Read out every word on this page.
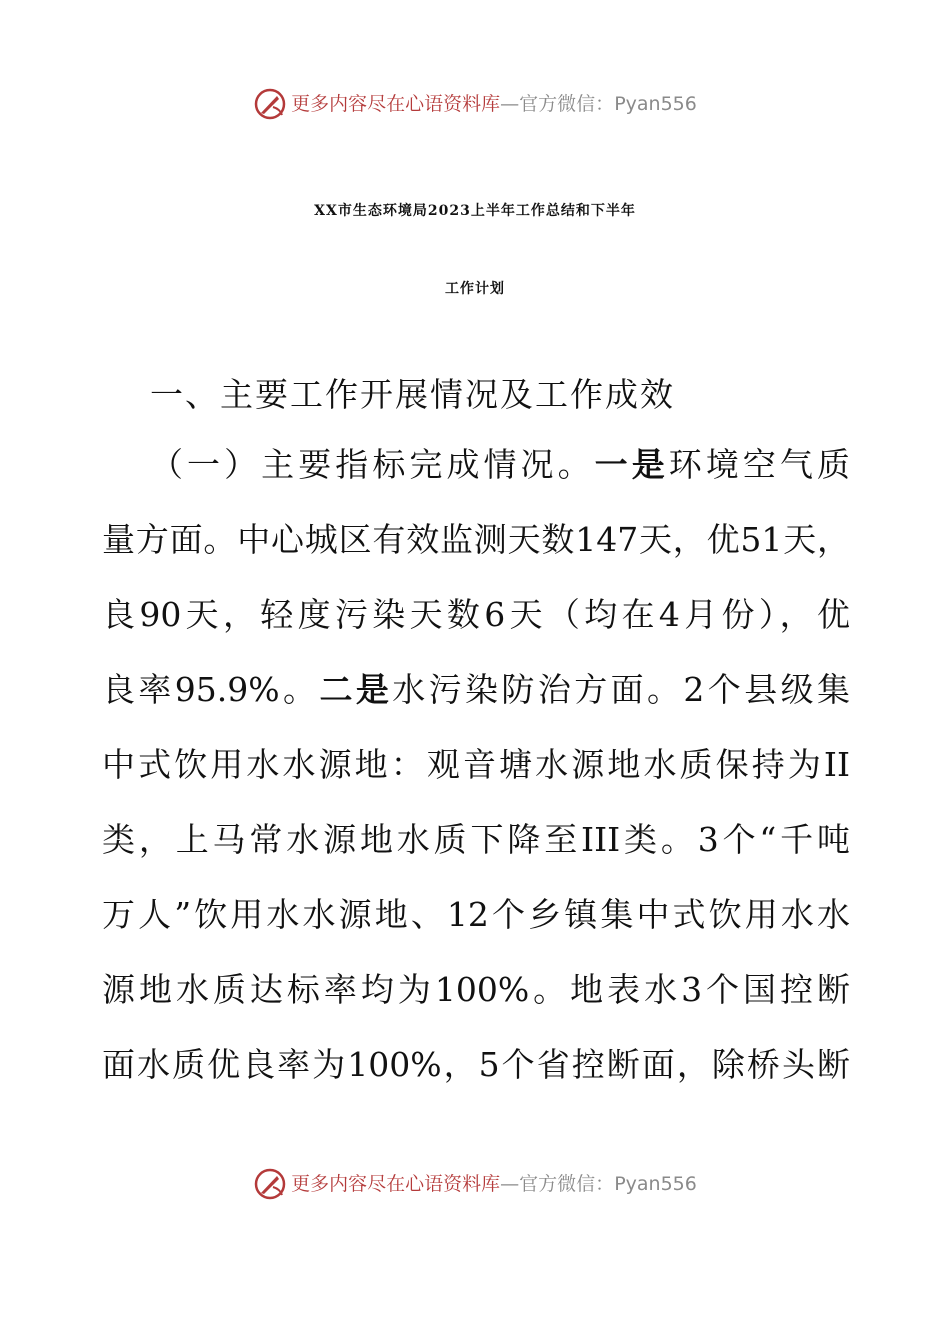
更多内容尽在心语资料库 —官方微信： Pyan556
XX市生态环境局2023上半年工作总结和下半年
工作计划
一、主要工作开展情况及工作成效
（一）主要指标完成情况。一是环境空气质
量方面。中心城区有效监测天数147天，优51天，
良90天，轻度污染天数6天（均在4月份），优
良率95.9%。二是水污染防治方面。2个县级集
中式饮用水水源地：观音塘水源地水质保持为II
类，上马常水源地水质下降至III类。3个“千吨
万人”饮用水水源地、12个乡镇集中式饮用水水
源地水质达标率均为100%。地表水3个国控断
面水质优良率为100%，5个省控断面，除桥头断
更多内容尽在心语资料库 —官方微信： Pyan556
